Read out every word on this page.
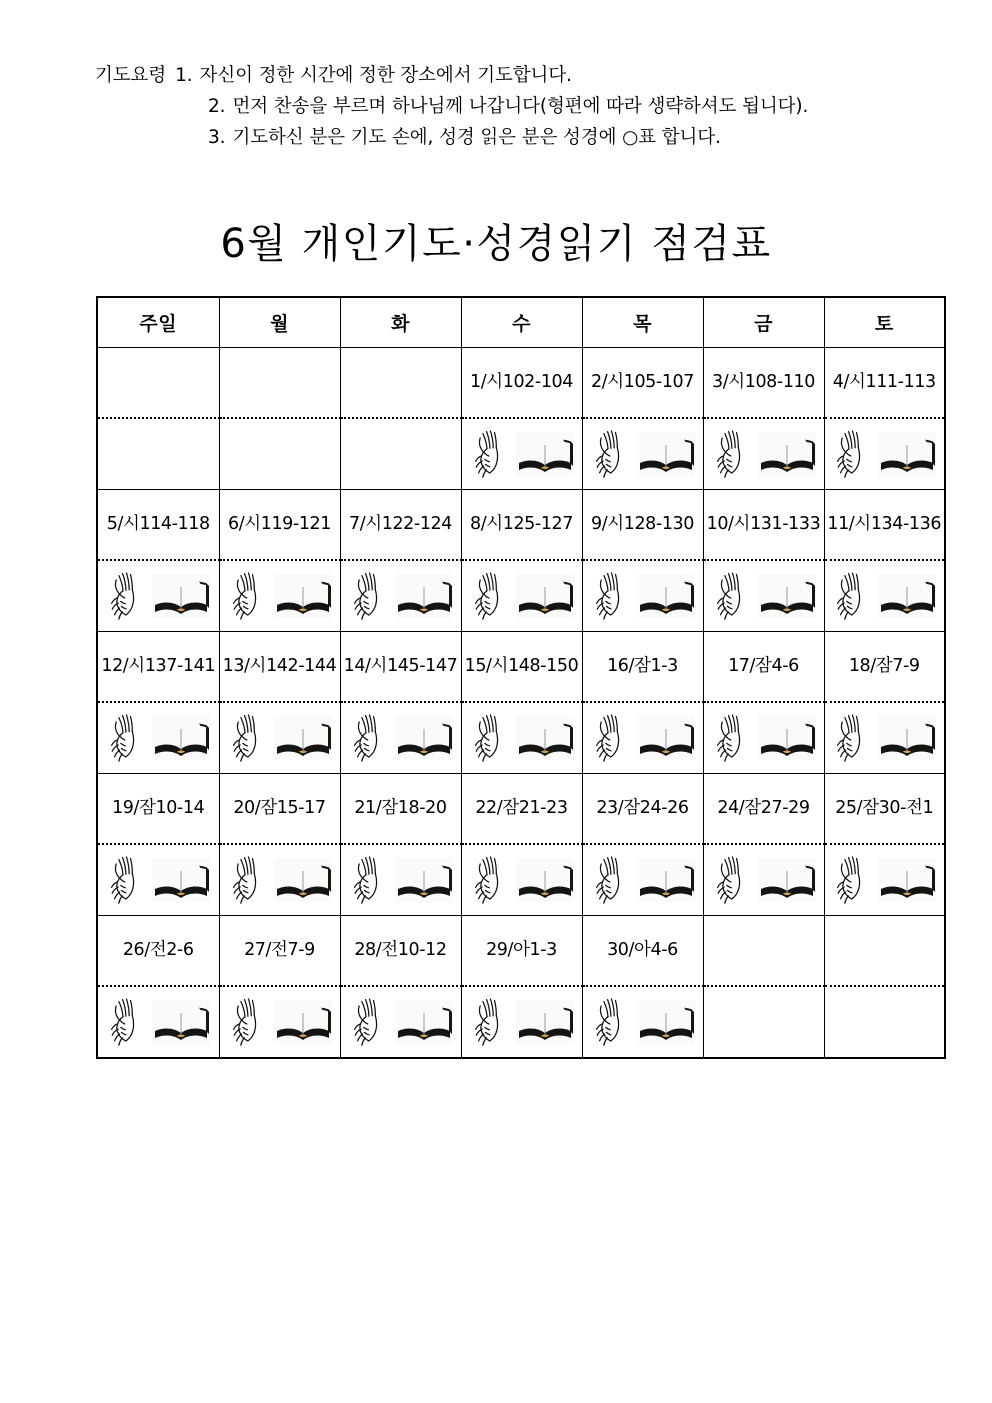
기도요령 1. 자신이 정한 시간에 정한 장소에서 기도합니다.
2. 먼저 찬송을 부르며 하나님께 나갑니다(형편에 따라 생략하셔도 됩니다).
3. 기도하신 분은 기도 손에, 성경 읽은 분은 성경에 ○표 합니다.
6월 개인기도·성경읽기 점검표
주일	월	화	수	목	금	토

			1/시102-104	2/시105-107	3/시108-110	4/시111-113

5/시114-118	6/시119-121	7/시122-124	8/시125-127	9/시128-130	10/시131-133	11/시134-136

12/시137-141	13/시142-144	14/시145-147	15/시148-150	16/잠1-3	17/잠4-6	18/잠7-9

19/잠10-14	20/잠15-17	21/잠18-20	22/잠21-23	23/잠24-26	24/잠27-29	25/잠30-전1

26/전2-6	27/전7-9	28/전10-12	29/아1-3	30/아4-6		
